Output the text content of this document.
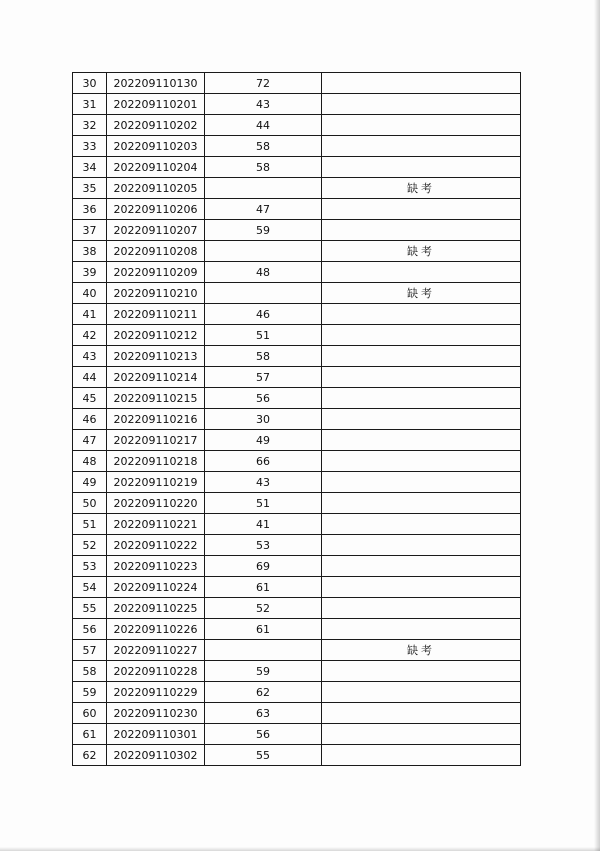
30	202209110130	72	
31	202209110201	43	
32	202209110202	44	
33	202209110203	58	
34	202209110204	58	
35	202209110205		缺考
36	202209110206	47	
37	202209110207	59	
38	202209110208		缺考
39	202209110209	48	
40	202209110210		缺考
41	202209110211	46	
42	202209110212	51	
43	202209110213	58	
44	202209110214	57	
45	202209110215	56	
46	202209110216	30	
47	202209110217	49	
48	202209110218	66	
49	202209110219	43	
50	202209110220	51	
51	202209110221	41	
52	202209110222	53	
53	202209110223	69	
54	202209110224	61	
55	202209110225	52	
56	202209110226	61	
57	202209110227		缺考
58	202209110228	59	
59	202209110229	62	
60	202209110230	63	
61	202209110301	56	
62	202209110302	55	
